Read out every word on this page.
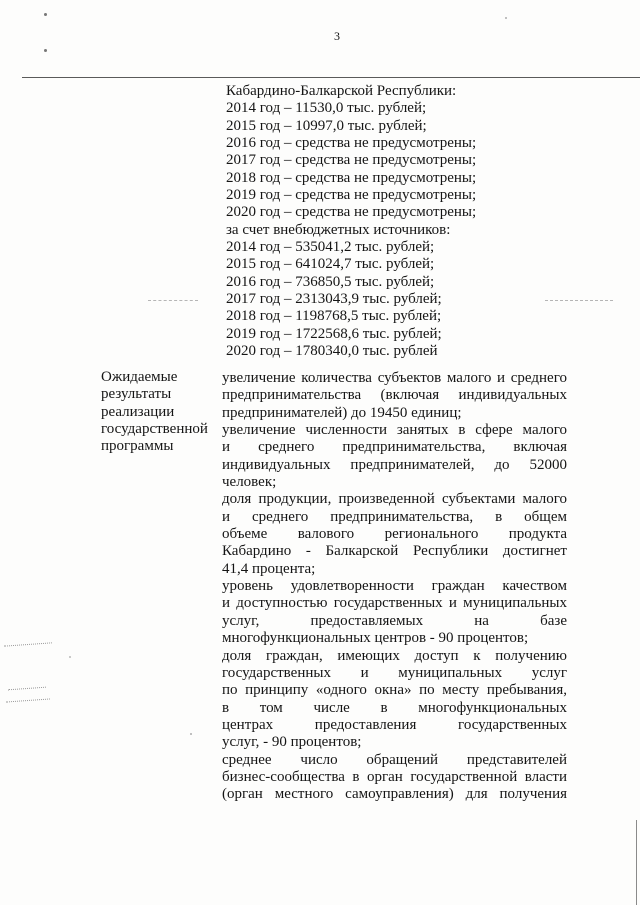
3
Кабардино-Балкарской Республики:
2014 год – 11530,0 тыс. рублей;
2015 год – 10997,0 тыс. рублей;
2016 год – средства не предусмотрены;
2017 год – средства не предусмотрены;
2018 год – средства не предусмотрены;
2019 год – средства не предусмотрены;
2020 год – средства не предусмотрены;
за счет внебюджетных источников:
2014 год – 535041,2 тыс. рублей;
2015 год – 641024,7 тыс. рублей;
2016 год – 736850,5 тыс. рублей;
2017 год – 2313043,9 тыс. рублей;
2018 год – 1198768,5 тыс. рублей;
2019 год – 1722568,6 тыс. рублей;
2020 год – 1780340,0 тыс. рублей
Ожидаемые
результаты
реализации
государственной
программы
увеличение количества субъектов малого и среднего
предпринимательства (включая индивидуальных
предпринимателей) до 19450 единиц;
увеличение численности занятых в сфере малого
и среднего предпринимательства, включая
индивидуальных предпринимателей, до 52000
человек;
доля продукции, произведенной субъектами малого
и среднего предпринимательства, в общем
объеме валового регионального продукта
Кабардино - Балкарской Республики достигнет
41,4 процента;
уровень удовлетворенности граждан качеством
и доступностью государственных и муниципальных
услуг, предоставляемых на базе
многофункциональных центров - 90 процентов;
доля граждан, имеющих доступ к получению
государственных и муниципальных услуг
по принципу «одного окна» по месту пребывания,
в том числе в многофункциональных
центрах предоставления государственных
услуг, - 90 процентов;
среднее число обращений представителей
бизнес-сообщества в орган государственной власти
(орган местного самоуправления) для получения
